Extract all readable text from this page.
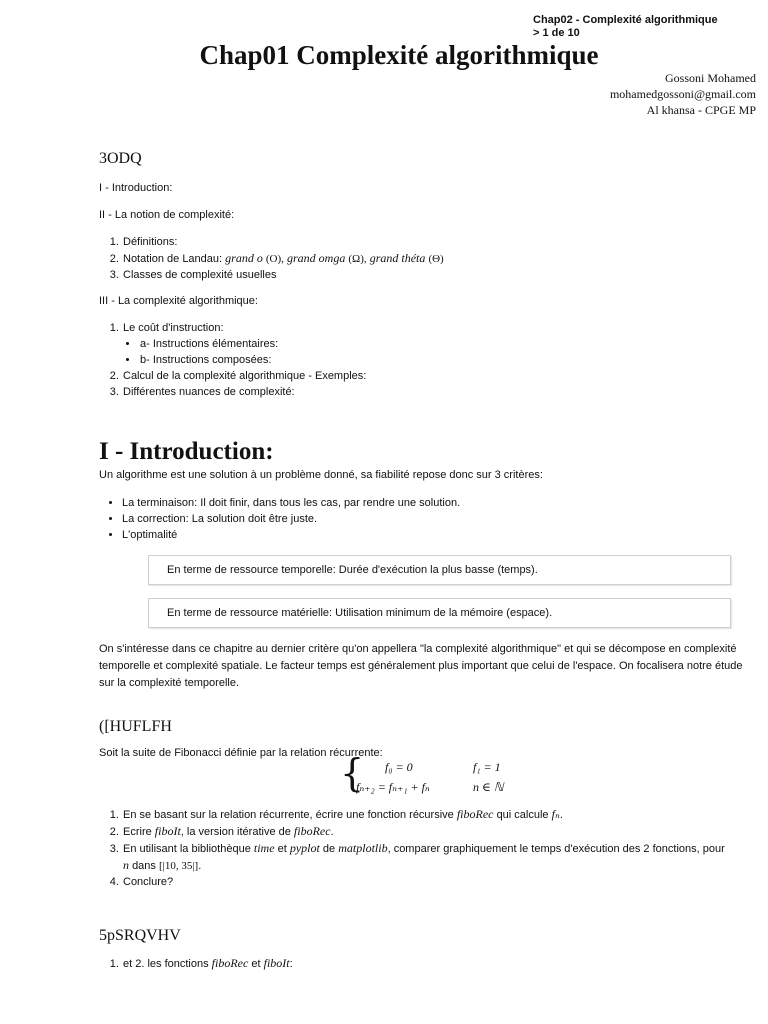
Chap02 - Complexité algorithmique
> 1 de 10
Chap01 Complexité algorithmique
Gossoni Mohamed
mohamedgossoni@gmail.com
Al khansa - CPGE MP
3ODQ

I - Introduction:

II - La notion de complexité:

1. Définitions:
2. Notation de Landau: grand o (O), grand omga (Ω), grand théta (Θ)
3. Classes de complexité usuelles

III - La complexité algorithmique:

1. Le coût d'instruction:
• a- Instructions élémentaires:
• b- Instructions composées:
2. Calcul de la complexité algorithmique - Exemples:
3. Différentes nuances de complexité:
I - Introduction:

Un algorithme est une solution à un problème donné, sa fiabilité repose donc sur 3 critères:

• La terminaison: Il doit finir, dans tous les cas, par rendre une solution.
• La correction: La solution doit être juste.
• L'optimalité
En terme de ressource temporelle: Durée d'exécution la plus basse (temps).
En terme de ressource matérielle: Utilisation minimum de la mémoire (espace).

On s'intéresse dans ce chapitre au dernier critère qu'on appellera "la complexité algorithmique" et qui se décompose en complexité temporelle et complexité spatiale. Le facteur temps est généralement plus important que celui de l'espace. On focalisera notre étude sur la complexité temporelle.

([HUFLFH

Soit la suite de Fibonacci définie par la relation récurrente:

{ f₀ = 0	f₁ = 1
fₙ₊₂ = fₙ₊₁ + fₙ	n ∈ ℕ
1. En se basant sur la relation récurrente, écrire une fonction récursive fiboRec qui calcule fₙ.
2. Ecrire fiboIt, la version itérative de fiboRec.
3. En utilisant la bibliothèque time et pyplot de matplotlib, comparer graphiquement le temps d'exécution des 2 fonctions, pour n dans [|10, 35|].
4. Conclure?
5pSRQVHV
1. et 2. les fonctions fiboRec et fiboIt:
